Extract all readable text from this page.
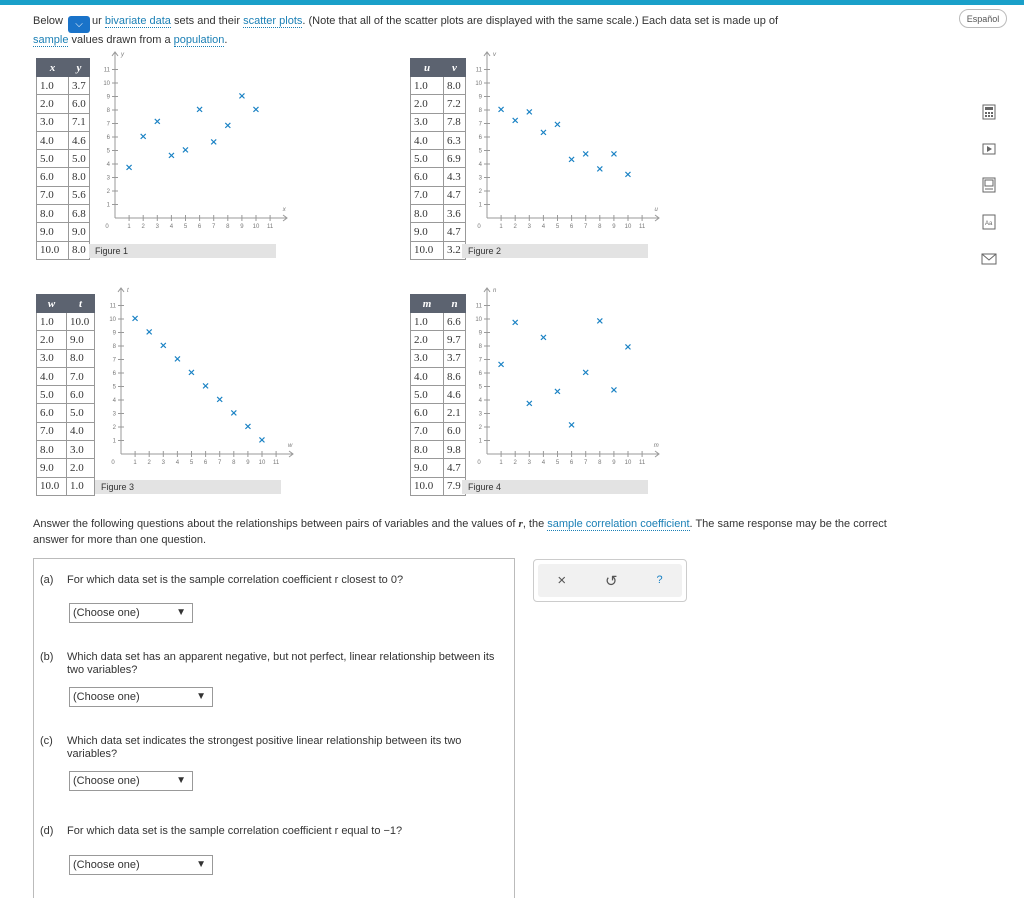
Español
Below ⌵ ur bivariate data sets and their scatter plots. (Note that all of the scatter plots are displayed with the same scale.) Each data set is made up of
sample values drawn from a population.
x	y
1.0	3.7
2.0	6.0
3.0	7.1
4.0	4.6
5.0	5.0
6.0	8.0
7.0	5.6
8.0	6.8
9.0	9.0
10.0	8.0	Figure 1
1
1
2
2
3
3
4
4
5
5
6
6
7
7
8
8
9
9
10
10
11
11
0
x
y
×
×
×
× ×
×
×
×
×
×
u	v
1.0	8.0
2.0	7.2
3.0	7.8
4.0	6.3
5.0	6.9
6.0	4.3
7.0	4.7
8.0	3.6
9.0	4.7
10.0	3.2 Figure 2
1
1
2
2
3
3
4
4
5
5
6
6
7
7
8
8
9
9
10
10
11
11
0
u
v
×
×
×
×
×
× ×
×
×
×
w	t
1.0	10.0
2.0	9.0
3.0	8.0
4.0	7.0
5.0	6.0
6.0	5.0
7.0	4.0
8.0	3.0
9.0	2.0
10.0	1.0	Figure 3
1
1
2
2
3
3
4
4
5
5
6
6
7
7
8
8
9
9
10
10
11
11
0
w
t
×
×
×
×
×
×
×
×
×
×
m	n
1.0	6.6
2.0	9.7
3.0	3.7
4.0	8.6
5.0	4.6
6.0	2.1
7.0	6.0
8.0	9.8
9.0	4.7
10.0	7.9 Figure 4
1
1
2
2
3
3
4
4
5
5
6
6
7
7
8
8
9
9
10
10
11
11
0
m
n
×
×
×
×
×
×
×
×
×
×
Answer the following questions about the relationships between pairs of variables and the values of r, the sample correlation coefficient. The same response may be the correct answer for more than one question.
(a) For which data set is the sample correlation coefficient r closest to 0?
(Choose one)	▼
(b) Which data set has an apparent negative, but not perfect, linear relationship between its two variables?
(Choose one)	▼
(c) Which data set indicates the strongest positive linear relationship between its two variables?
(Choose one)	▼
(d) For which data set is the sample correlation coefficient r equal to −1?
(Choose one)	▼
×	↺	?
Aa
